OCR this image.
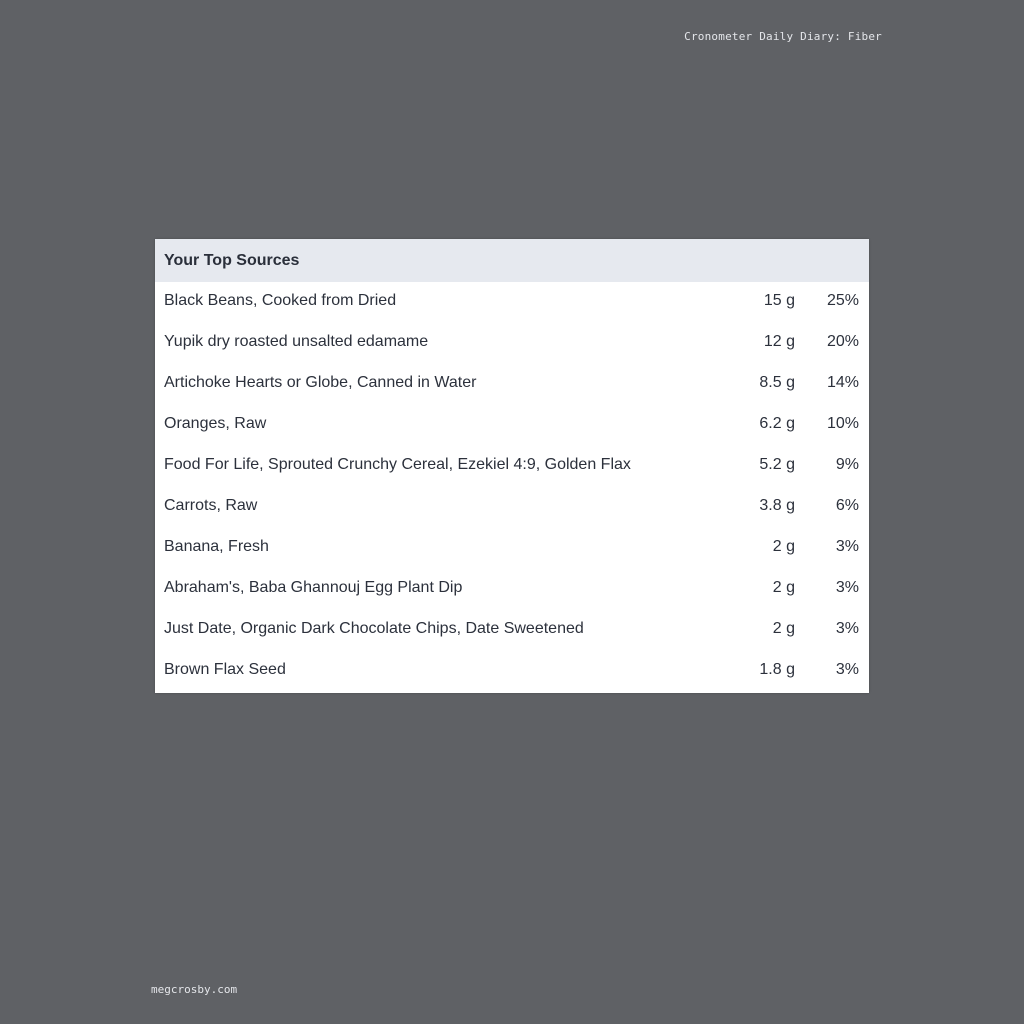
Cronometer Daily Diary: Fiber
Your Top Sources
Black Beans, Cooked from Dried	15 g 25%
Yupik dry roasted unsalted edamame	12 g 20%
Artichoke Hearts or Globe, Canned in Water	8.5 g 14%
Oranges, Raw	6.2 g 10%
Food For Life, Sprouted Crunchy Cereal, Ezekiel 4:9, Golden Flax	5.2 g	9%
Carrots, Raw	3.8 g	6%
Banana, Fresh	2 g	3%
Abraham's, Baba Ghannouj Egg Plant Dip	2 g	3%
Just Date, Organic Dark Chocolate Chips, Date Sweetened	2 g	3%
Brown Flax Seed	1.8 g	3%
megcrosby.com
